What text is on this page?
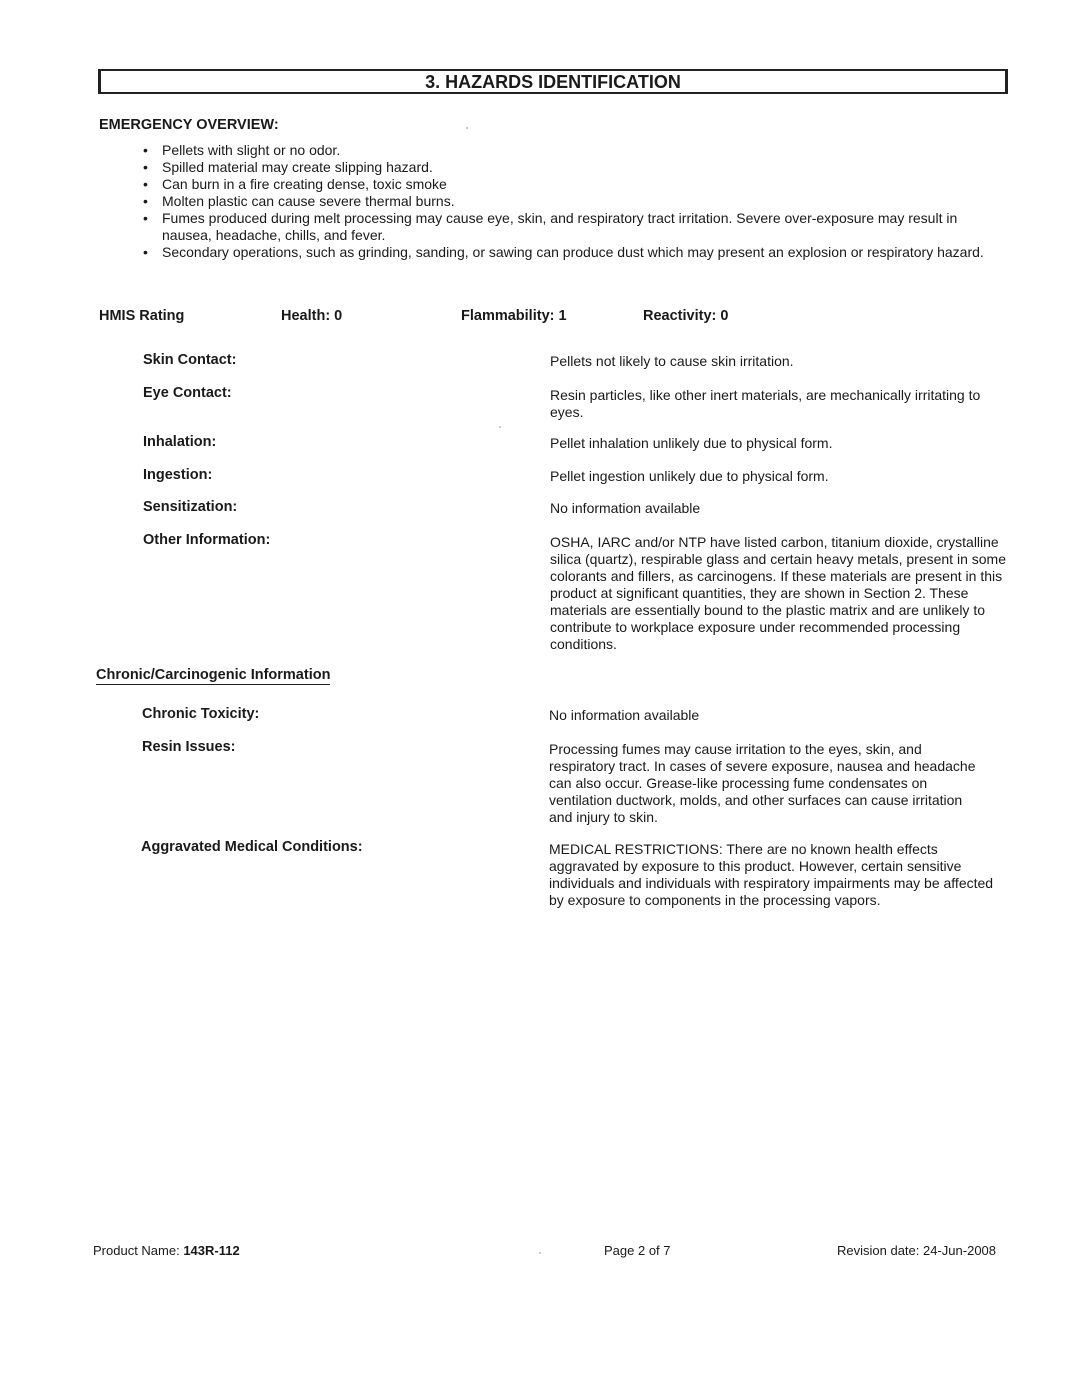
3. HAZARDS IDENTIFICATION
EMERGENCY OVERVIEW:
• Pellets with slight or no odor.
• Spilled material may create slipping hazard.
• Can burn in a fire creating dense, toxic smoke
• Molten plastic can cause severe thermal burns.
• Fumes produced during melt processing may cause eye, skin, and respiratory tract irritation. Severe over-exposure may result in nausea, headache, chills, and fever.
• Secondary operations, such as grinding, sanding, or sawing can produce dust which may present an explosion or respiratory hazard.
HMIS Rating	Health: 0	Flammability: 1	Reactivity: 0
Skin Contact:	Pellets not likely to cause skin irritation.
Eye Contact:	Resin particles, like other inert materials, are mechanically irritating to eyes.
Inhalation:	Pellet inhalation unlikely due to physical form.
Ingestion:	Pellet ingestion unlikely due to physical form.
Sensitization:	No information available
Other Information:	OSHA, IARC and/or NTP have listed carbon, titanium dioxide, crystalline silica (quartz), respirable glass and certain heavy metals, present in some colorants and fillers, as carcinogens. If these materials are present in this product at significant quantities, they are shown in Section 2. These materials are essentially bound to the plastic matrix and are unlikely to contribute to workplace exposure under recommended processing conditions.
Chronic/Carcinogenic Information
Chronic Toxicity:	No information available
Resin Issues:	Processing fumes may cause irritation to the eyes, skin, and respiratory tract. In cases of severe exposure, nausea and headache can also occur. Grease-like processing fume condensates on ventilation ductwork, molds, and other surfaces can cause irritation and injury to skin.
Aggravated Medical Conditions:	MEDICAL RESTRICTIONS: There are no known health effects aggravated by exposure to this product. However, certain sensitive individuals and individuals with respiratory impairments may be affected by exposure to components in the processing vapors.
Product Name: 143R-112	Page 2 of 7	Revision date: 24-Jun-2008
